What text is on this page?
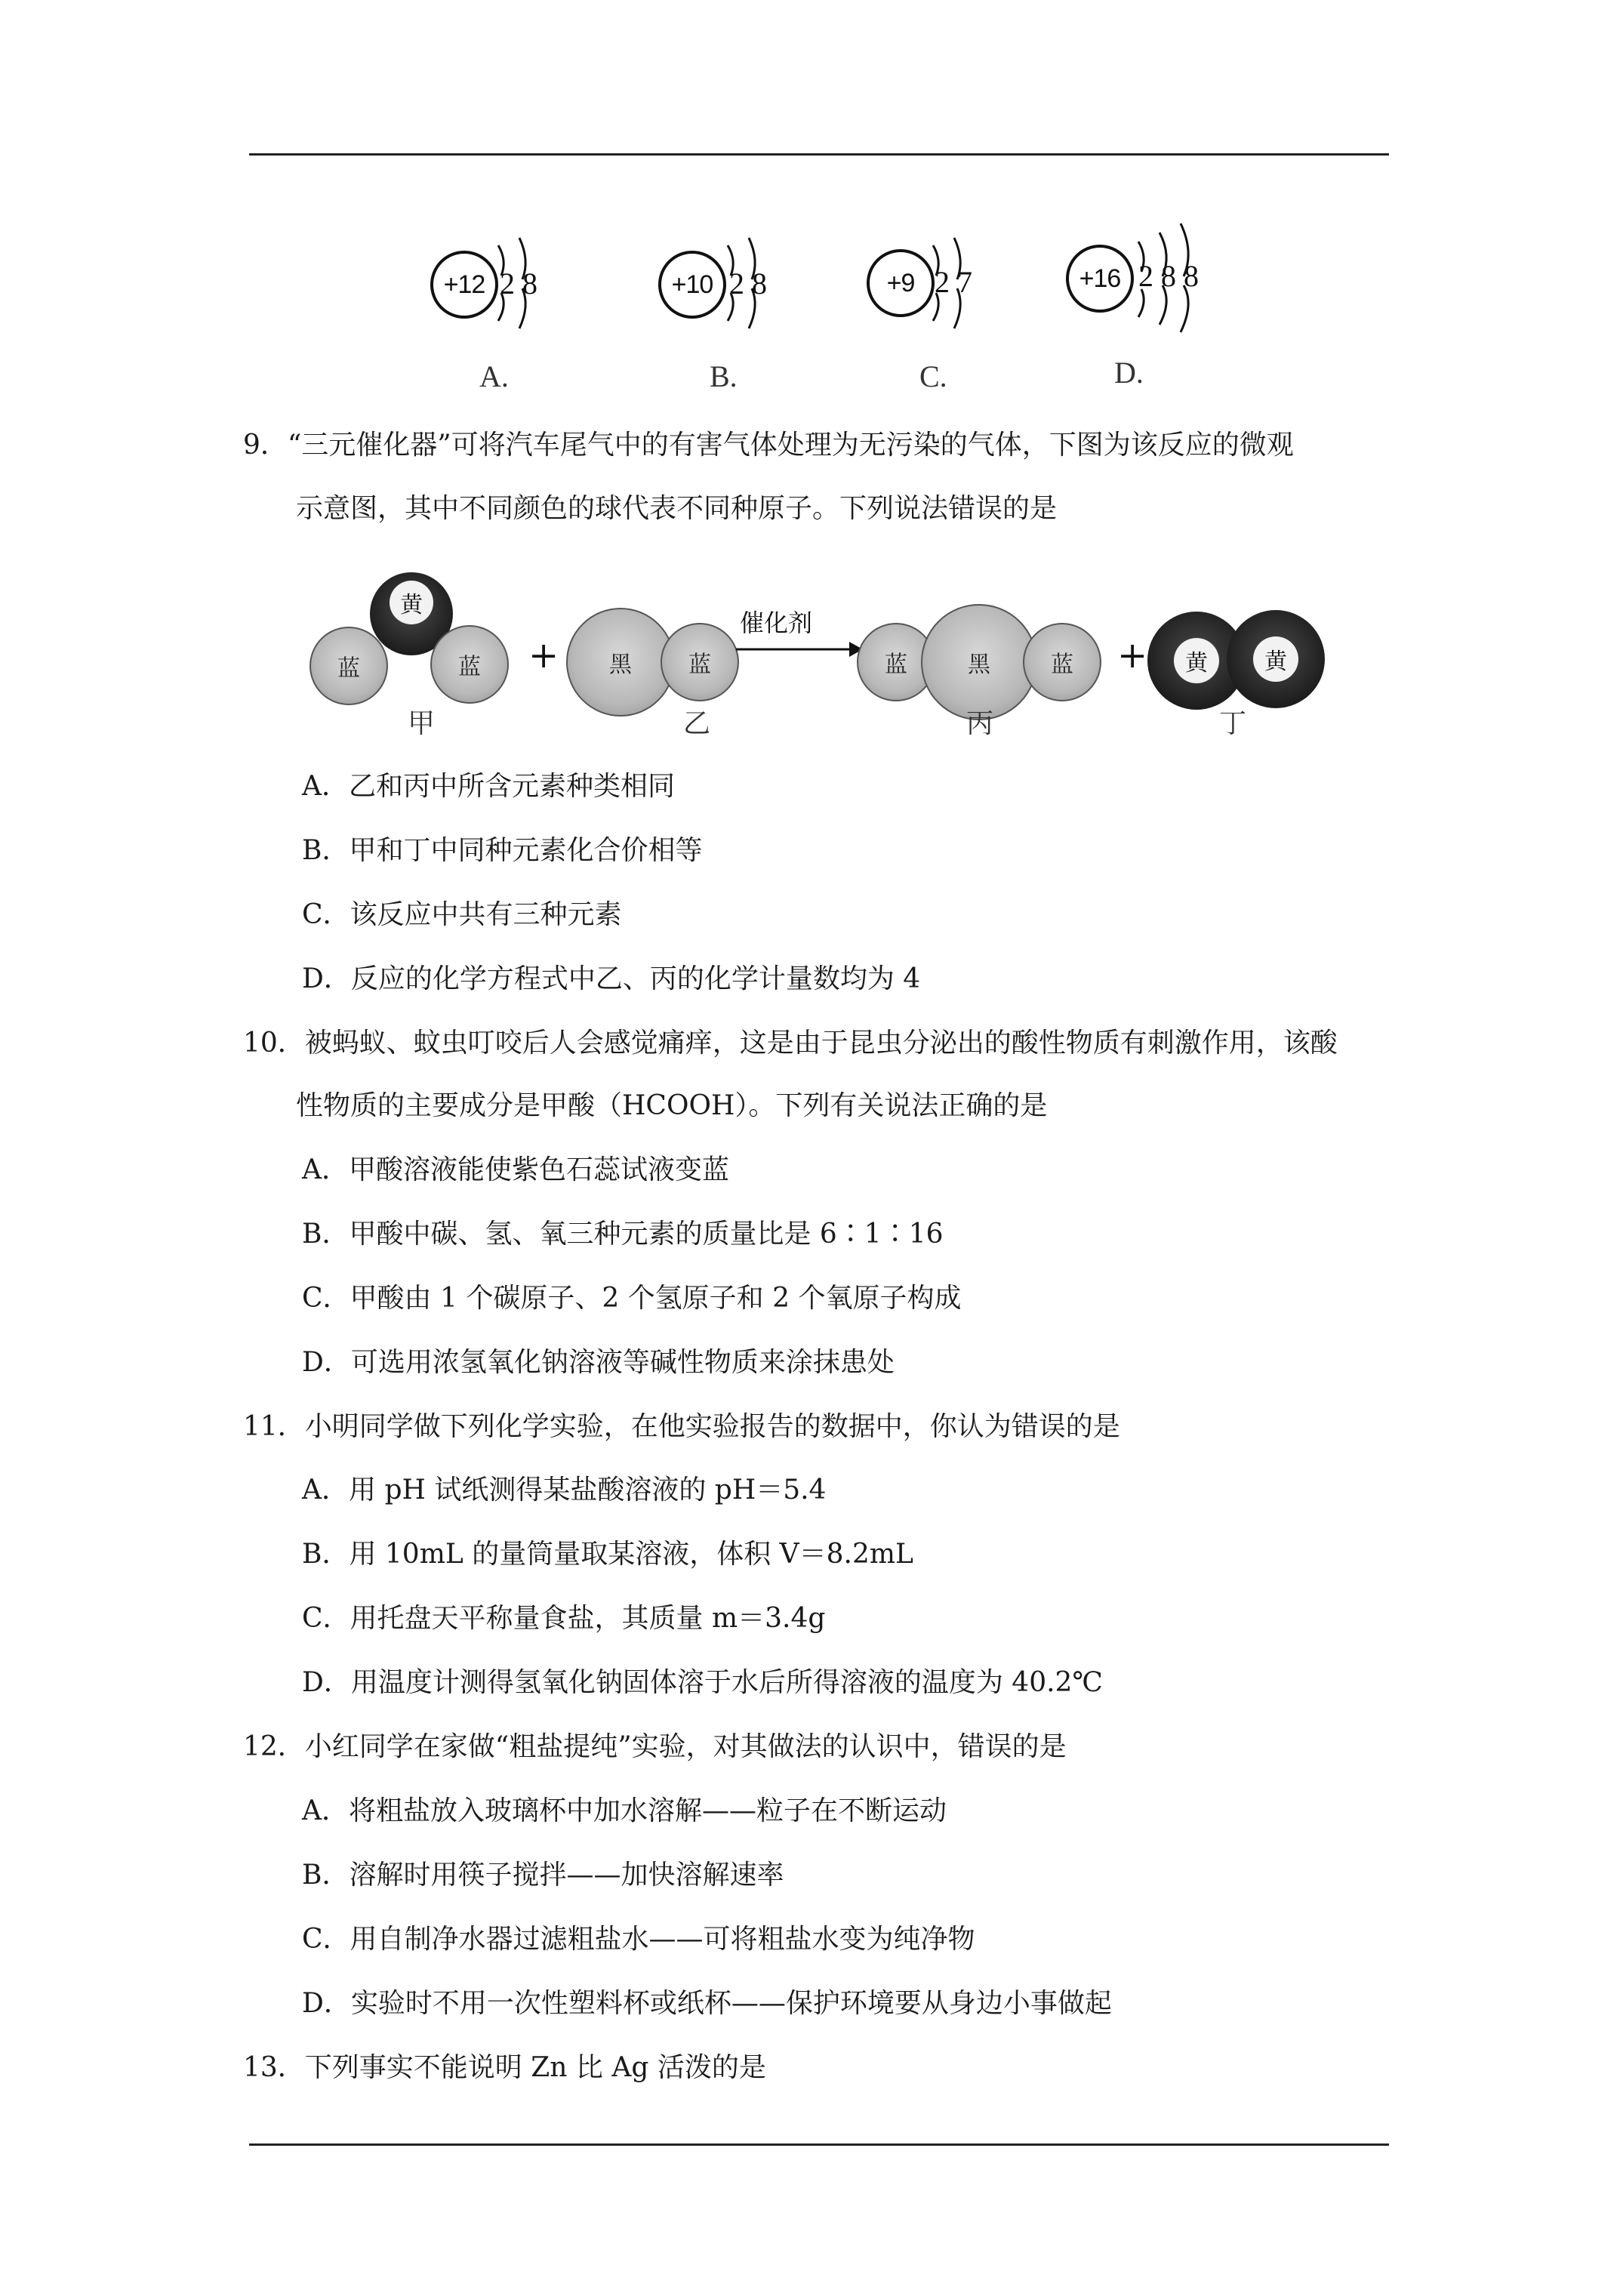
+12 2 8
A.
+10 2 8
B.
+9 2 7
C.
+16 2 8 8
D.
9．“三元催化器”可将汽车尾气中的有害气体处理为无污染的气体，下图为该反应的微观
示意图，其中不同颜色的球代表不同种原子。下列说法错误的是
黄
蓝	蓝 + 黑	蓝
催化剂
蓝	黑	蓝 +	黄	黄
甲	乙	丙	丁
A．乙和丙中所含元素种类相同
B．甲和丁中同种元素化合价相等
C．该反应中共有三种元素
D．反应的化学方程式中乙、丙的化学计量数均为 4
10．被蚂蚁、蚊虫叮咬后人会感觉痛痒，这是由于昆虫分泌出的酸性物质有刺激作用，该酸
性物质的主要成分是甲酸（HCOOH）。下列有关说法正确的是
A．甲酸溶液能使紫色石蕊试液变蓝
B．甲酸中碳、氢、氧三种元素的质量比是 6∶1∶16
C．甲酸由 1 个碳原子、2 个氢原子和 2 个氧原子构成
D．可选用浓氢氧化钠溶液等碱性物质来涂抹患处
11．小明同学做下列化学实验，在他实验报告的数据中，你认为错误的是
A．用 pH 试纸测得某盐酸溶液的 pH＝5.4
B．用 10mL 的量筒量取某溶液，体积 V＝8.2mL
C．用托盘天平称量食盐，其质量 m＝3.4g
D．用温度计测得氢氧化钠固体溶于水后所得溶液的温度为 40.2℃
12．小红同学在家做“粗盐提纯”实验，对其做法的认识中，错误的是
A．将粗盐放入玻璃杯中加水溶解——粒子在不断运动
B．溶解时用筷子搅拌——加快溶解速率
C．用自制净水器过滤粗盐水——可将粗盐水变为纯净物
D．实验时不用一次性塑料杯或纸杯——保护环境要从身边小事做起
13．下列事实不能说明 Zn 比 Ag 活泼的是
